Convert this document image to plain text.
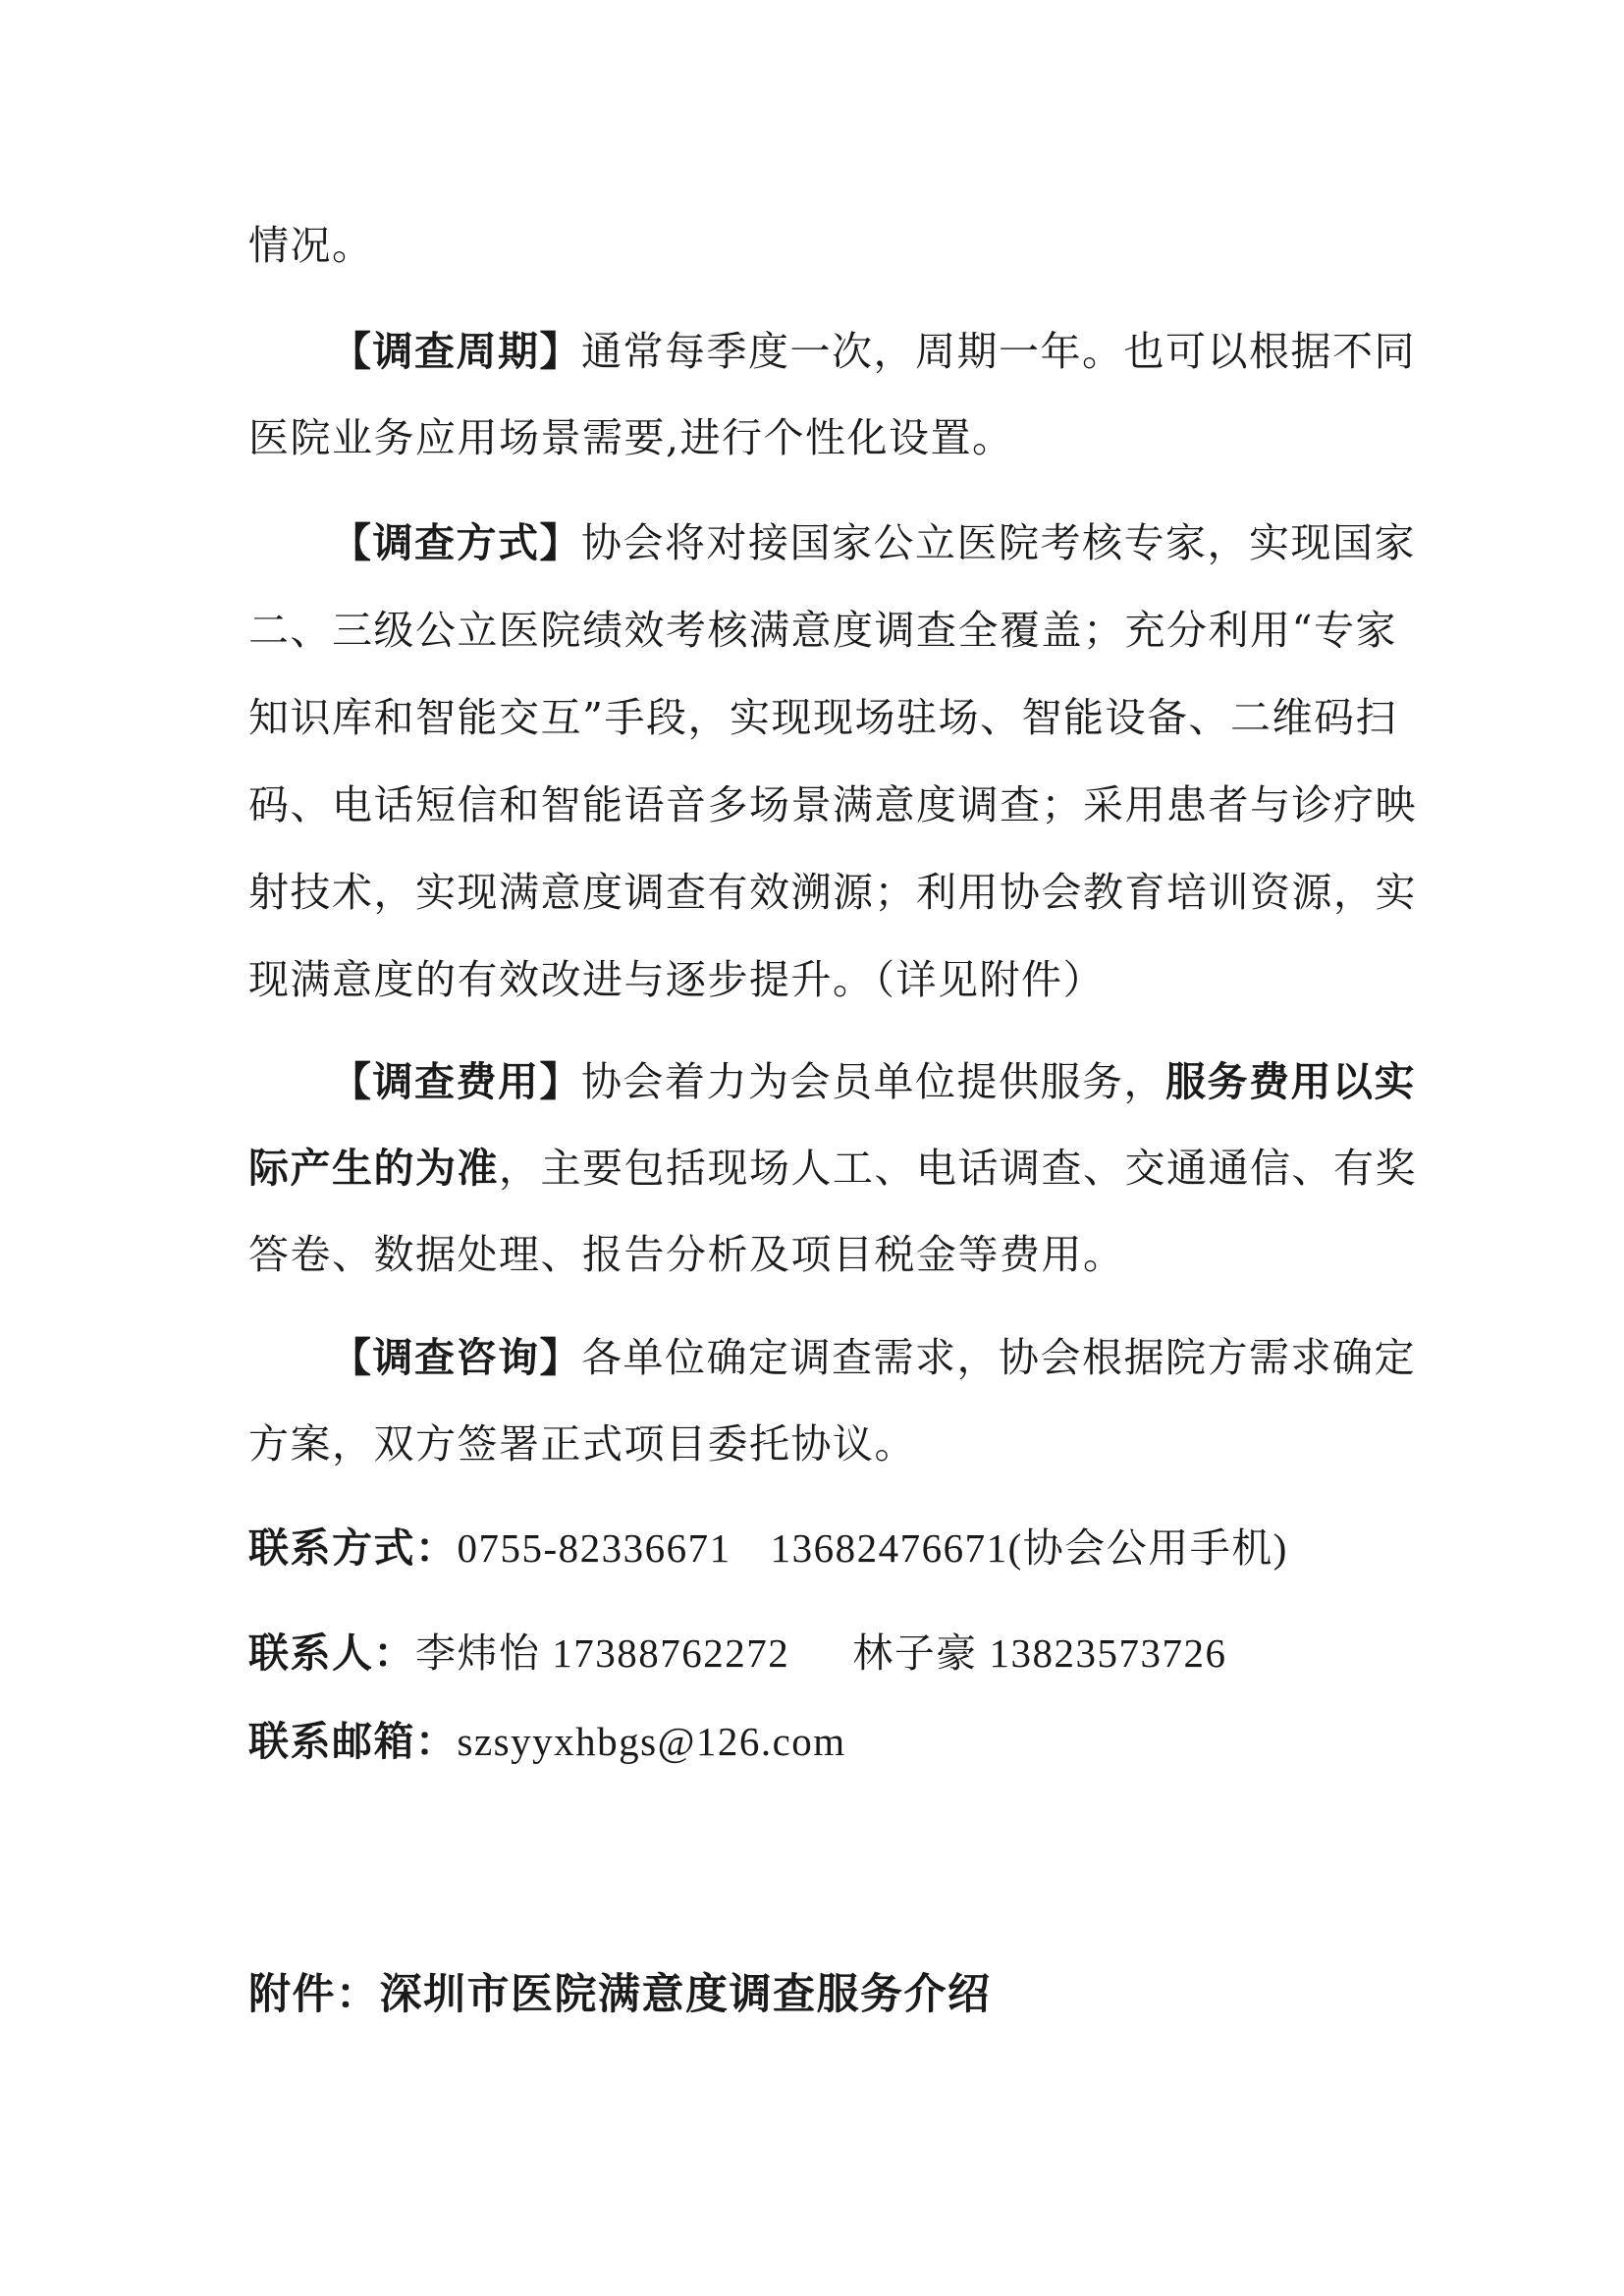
情况。
【调查周期】通常每季度一次，周期一年。也可以根据不同
医院业务应用场景需要,进行个性化设置。
【调查方式】协会将对接国家公立医院考核专家，实现国家
二、三级公立医院绩效考核满意度调查全覆盖；充分利用“专家
知识库和智能交互”手段，实现现场驻场、智能设备、二维码扫
码、电话短信和智能语音多场景满意度调查；采用患者与诊疗映
射技术，实现满意度调查有效溯源；利用协会教育培训资源，实
现满意度的有效改进与逐步提升。（详见附件）
【调查费用】协会着力为会员单位提供服务，服务费用以实
际产生的为准，主要包括现场人工、电话调查、交通通信、有奖
答卷、数据处理、报告分析及项目税金等费用。
【调查咨询】各单位确定调查需求，协会根据院方需求确定
方案，双方签署正式项目委托协议。
联系方式：0755-82336671 13682476671(协会公用手机)
联系人：李炜怡 17388762272 林子豪 13823573726
联系邮箱：szsyyxhbgs@126.com
附件：深圳市医院满意度调查服务介绍
